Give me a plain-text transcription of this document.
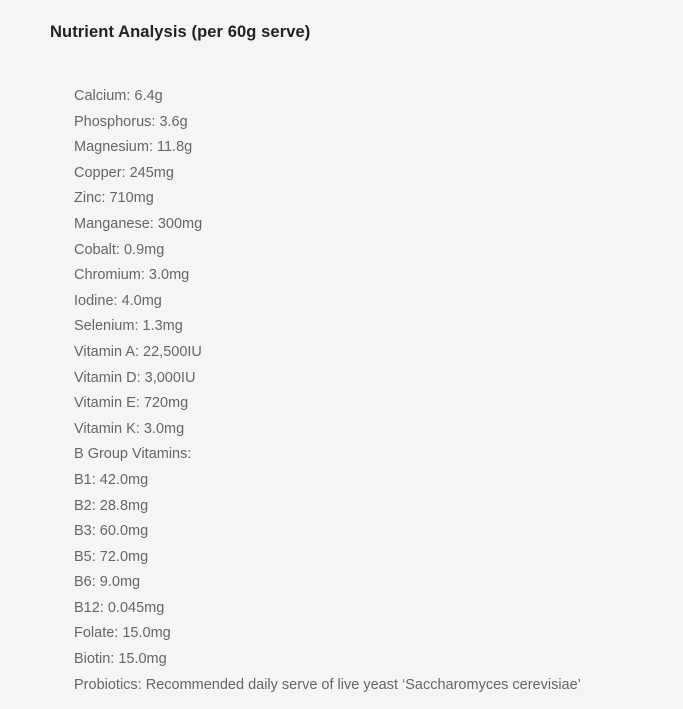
Nutrient Analysis (per 60g serve)
Calcium: 6.4g
Phosphorus: 3.6g
Magnesium: 11.8g
Copper: 245mg
Zinc: 710mg
Manganese: 300mg
Cobalt: 0.9mg
Chromium: 3.0mg
Iodine: 4.0mg
Selenium: 1.3mg
Vitamin A: 22,500IU
Vitamin D: 3,000IU
Vitamin E: 720mg
Vitamin K: 3.0mg
B Group Vitamins:
B1: 42.0mg
B2: 28.8mg
B3: 60.0mg
B5: 72.0mg
B6: 9.0mg
B12: 0.045mg
Folate: 15.0mg
Biotin: 15.0mg
Probiotics: Recommended daily serve of live yeast ‘Saccharomyces cerevisiae’
